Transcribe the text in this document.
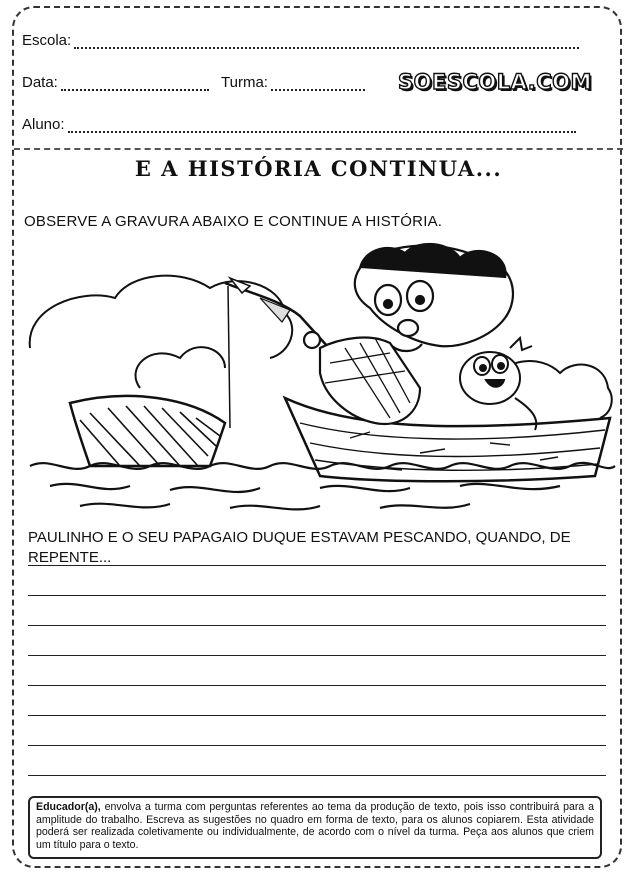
Escola:
Data:	Turma:	SOESCOLA.COM
Aluno:
E A HISTÓRIA CONTINUA...
OBSERVE A GRAVURA ABAIXO E CONTINUE A HISTÓRIA.
PAULINHO E O SEU PAPAGAIO DUQUE ESTAVAM PESCANDO, QUANDO, DE REPENTE...
Educador(a), envolva a turma com perguntas referentes ao tema da produção de texto, pois isso contribuirá para a amplitude do trabalho. Escreva as sugestões no quadro em forma de texto, para os alunos copiarem. Esta atividade poderá ser realizada coletivamente ou individualmente, de acordo com o nível da turma. Peça aos alunos que criem um título para o texto.
